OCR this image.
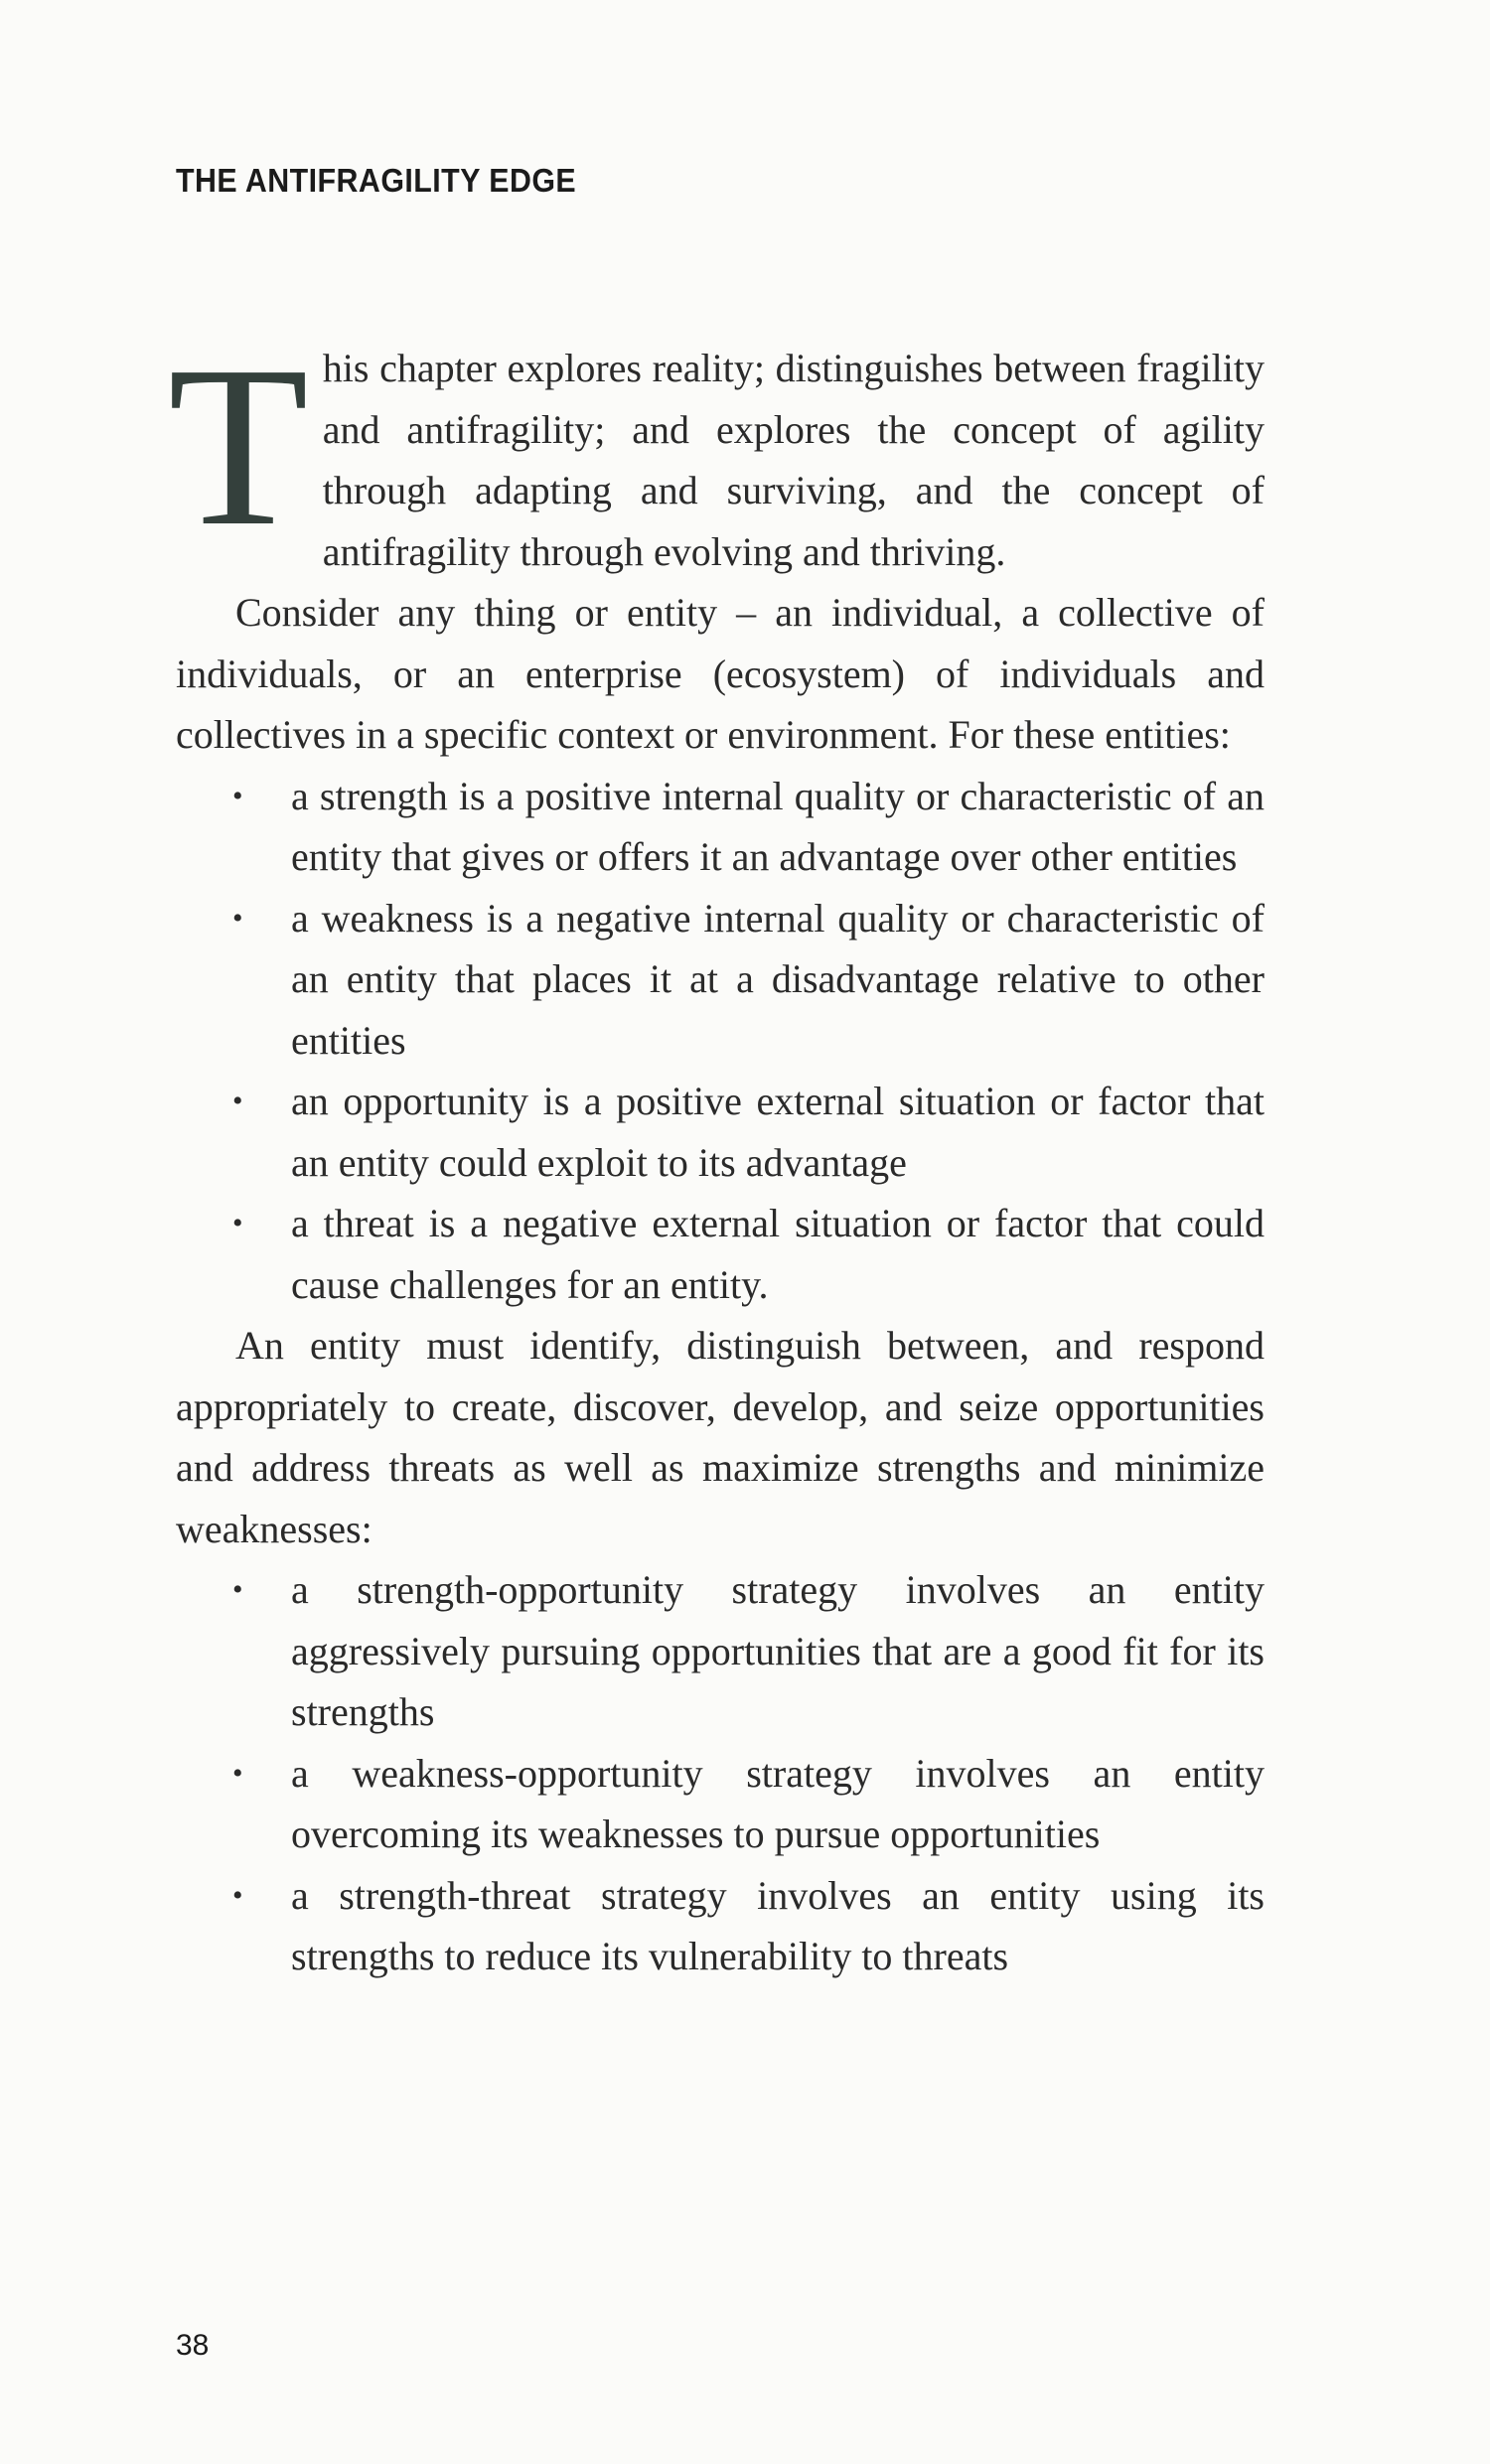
THE ANTIFRAGILITY EDGE

This chapter explores reality; distinguishes between fragility and antifragility; and explores the concept of agility through adapting and surviving, and the concept of antifragility through evolving and thriving.

Consider any thing or entity – an individual, a collective of individuals, or an enterprise (ecosystem) of individuals and collectives in a specific context or environment. For these entities:

• a strength is a positive internal quality or characteristic of an entity that gives or offers it an advantage over other entities
• a weakness is a negative internal quality or characteristic of an entity that places it at a disadvantage relative to other entities
• an opportunity is a positive external situation or factor that an entity could exploit to its advantage
• a threat is a negative external situation or factor that could cause challenges for an entity.

An entity must identify, distinguish between, and respond appropriately to create, discover, develop, and seize opportunities and address threats as well as maximize strengths and minimize weaknesses:

• a strength-opportunity strategy involves an entity aggressively pursuing opportunities that are a good fit for its strengths
• a weakness-opportunity strategy involves an entity overcoming its weaknesses to pursue opportunities
• a strength-threat strategy involves an entity using its strengths to reduce its vulnerability to threats
38
